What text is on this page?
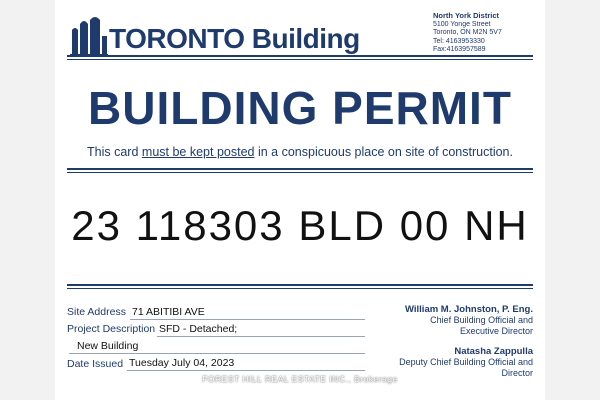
TORONTO Building
North York District
5100 Yonge Street
Toronto, ON M2N 5V7
Tel: 4163953330
Fax:4163957589
BUILDING PERMIT
This card must be kept posted in a conspicuous place on site of construction.
23 118303 BLD 00 NH
Site Address 71 ABITIBI AVE
Project Description SFD - Detached;
New Building
Date Issued Tuesday July 04, 2023
William M. Johnston, P. Eng.
Chief Building Official and
Executive Director
Natasha Zappulla
Deputy Chief Building Official and
Director
FOREST HILL REAL ESTATE INC., Brokerage
